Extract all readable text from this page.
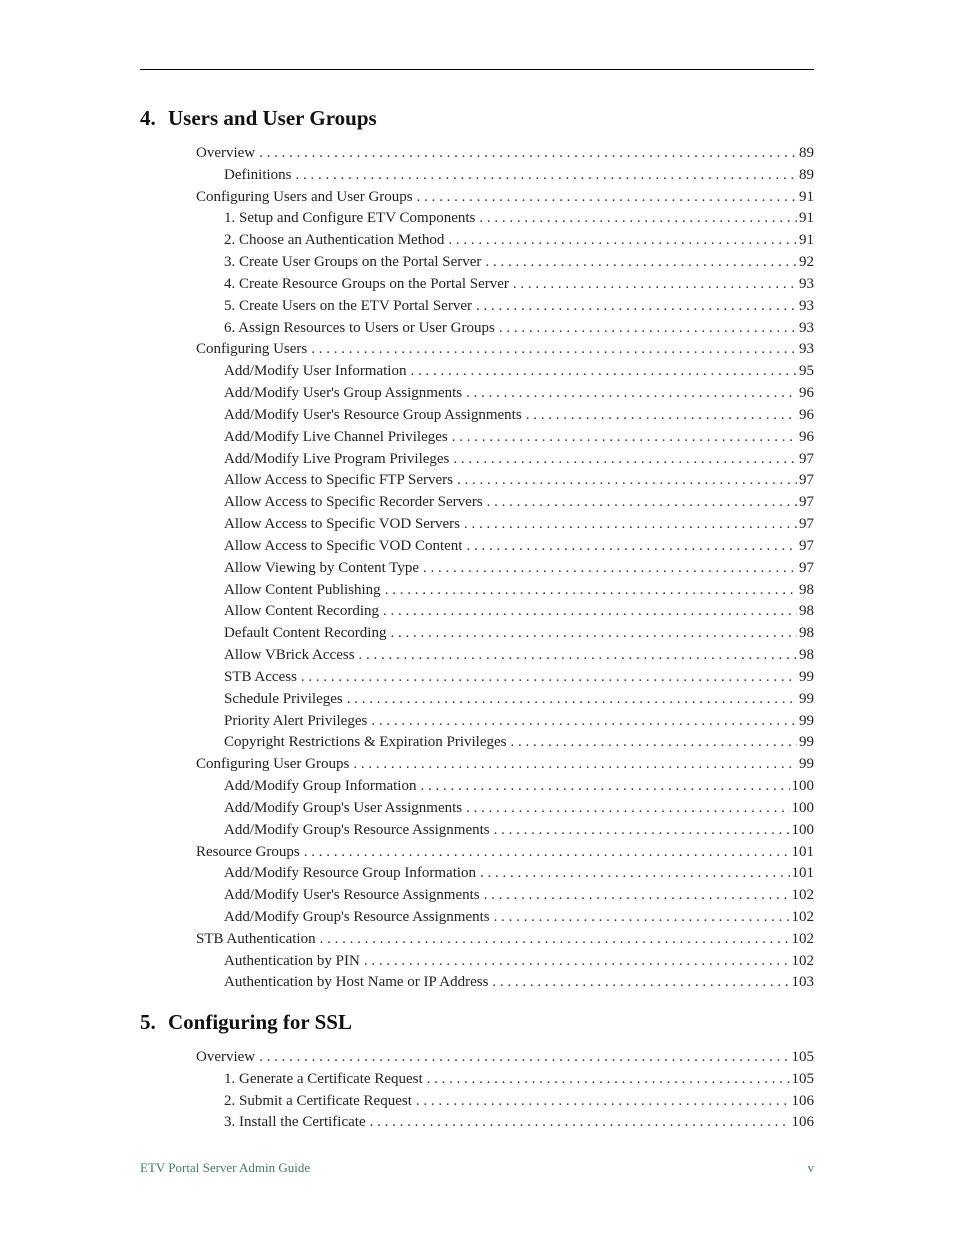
4. Users and User Groups
Overview . . .	89
Definitions . . .	89
Configuring Users and User Groups . . .	91
1. Setup and Configure ETV Components . . .	91
2. Choose an Authentication Method . . .	91
3. Create User Groups on the Portal Server . . .	92
4. Create Resource Groups on the Portal Server . . .	93
5. Create Users on the ETV Portal Server . . .	93
6. Assign Resources to Users or User Groups . . .	93
Configuring Users . . .	93
Add/Modify User Information . . .	95
Add/Modify User's Group Assignments . . .	96
Add/Modify User's Resource Group Assignments . . .	96
Add/Modify Live Channel Privileges . . .	96
Add/Modify Live Program Privileges . . .	97
Allow Access to Specific FTP Servers . . .	97
Allow Access to Specific Recorder Servers . . .	97
Allow Access to Specific VOD Servers . . .	97
Allow Access to Specific VOD Content . . .	97
Allow Viewing by Content Type . . .	97
Allow Content Publishing . . .	98
Allow Content Recording . . .	98
Default Content Recording . . .	98
Allow VBrick Access . . .	98
STB Access . . .	99
Schedule Privileges . . .	99
Priority Alert Privileges . . .	99
Copyright Restrictions & Expiration Privileges . . .	99
Configuring User Groups . . .	99
Add/Modify Group Information . . .	100
Add/Modify Group's User Assignments . . .	100
Add/Modify Group's Resource Assignments . . .	100
Resource Groups . . .	101
Add/Modify Resource Group Information . . .	101
Add/Modify User's Resource Assignments . . .	102
Add/Modify Group's Resource Assignments . . .	102
STB Authentication . . .	102
Authentication by PIN . . .	102
Authentication by Host Name or IP Address . . .	103
5. Configuring for SSL
Overview . . .	105
1. Generate a Certificate Request . . .	105
2. Submit a Certificate Request . . .	106
3. Install the Certificate . . .	106
ETV Portal Server Admin Guide	v
